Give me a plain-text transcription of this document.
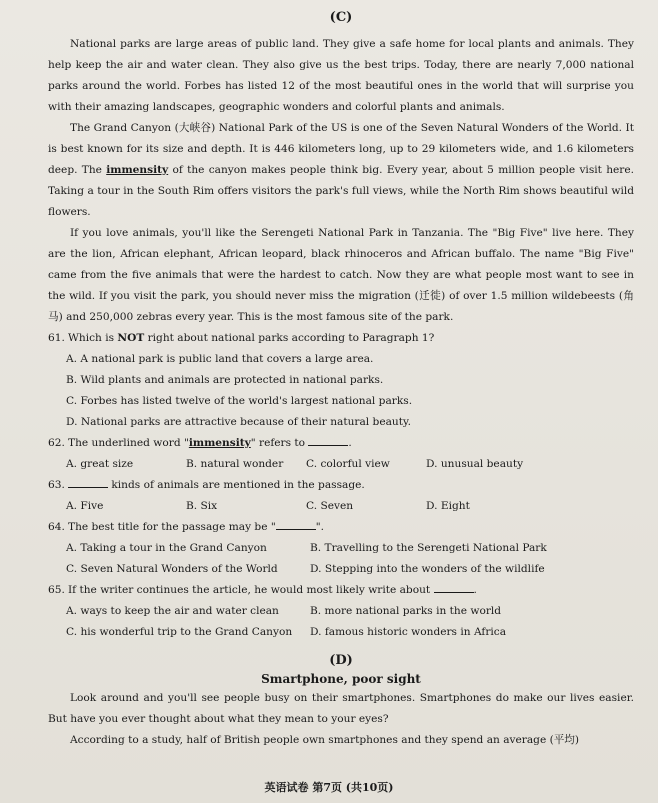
(C)

National parks are large areas of public land. They give a safe home for local plants and animals. They help keep the air and water clean. They also give us the best trips. Today, there are nearly 7,000 national parks around the world. Forbes has listed 12 of the most beautiful ones in the world that will surprise you with their amazing landscapes, geographic wonders and colorful plants and animals.

The Grand Canyon (大峡谷) National Park of the US is one of the Seven Natural Wonders of the World. It is best known for its size and depth. It is 446 kilometers long, up to 29 kilometers wide, and 1.6 kilometers deep. The immensity of the canyon makes people think big. Every year, about 5 million people visit here. Taking a tour in the South Rim offers visitors the park's full views, while the North Rim shows beautiful wild flowers.

If you love animals, you'll like the Serengeti National Park in Tanzania. The "Big Five" live here. They are the lion, African elephant, African leopard, black rhinoceros and African buffalo. The name "Big Five" came from the five animals that were the hardest to catch. Now they are what people most want to see in the wild. If you visit the park, you should never miss the migration (迁徙) of over 1.5 million wildebeests (角马) and 250,000 zebras every year. This is the most famous site of the park.

61. Which is NOT right about national parks according to Paragraph 1?
A. A national park is public land that covers a large area.
B. Wild plants and animals are protected in national parks.
C. Forbes has listed twelve of the world's largest national parks.
D. National parks are attractive because of their natural beauty.
62. The underlined word "immensity" refers to	.
A. great size	B. natural wonder	C. colorful view	D. unusual beauty
63.	kinds of animals are mentioned in the passage.
A. Five	B. Six	C. Seven	D. Eight
64. The best title for the passage may be "	".
A. Taking a tour in the Grand Canyon	B. Travelling to the Serengeti National Park
C. Seven Natural Wonders of the World	D. Stepping into the wonders of the wildlife
65. If the writer continues the article, he would most likely write about	.
A. ways to keep the air and water clean	B. more national parks in the world
C. his wonderful trip to the Grand Canyon	D. famous historic wonders in Africa
(D)
Smartphone, poor sight

Look around and you'll see people busy on their smartphones. Smartphones do make our lives easier. But have you ever thought about what they mean to your eyes?

According to a study, half of British people own smartphones and they spend an average (平均)

英语试卷 第7页 (共10页)
